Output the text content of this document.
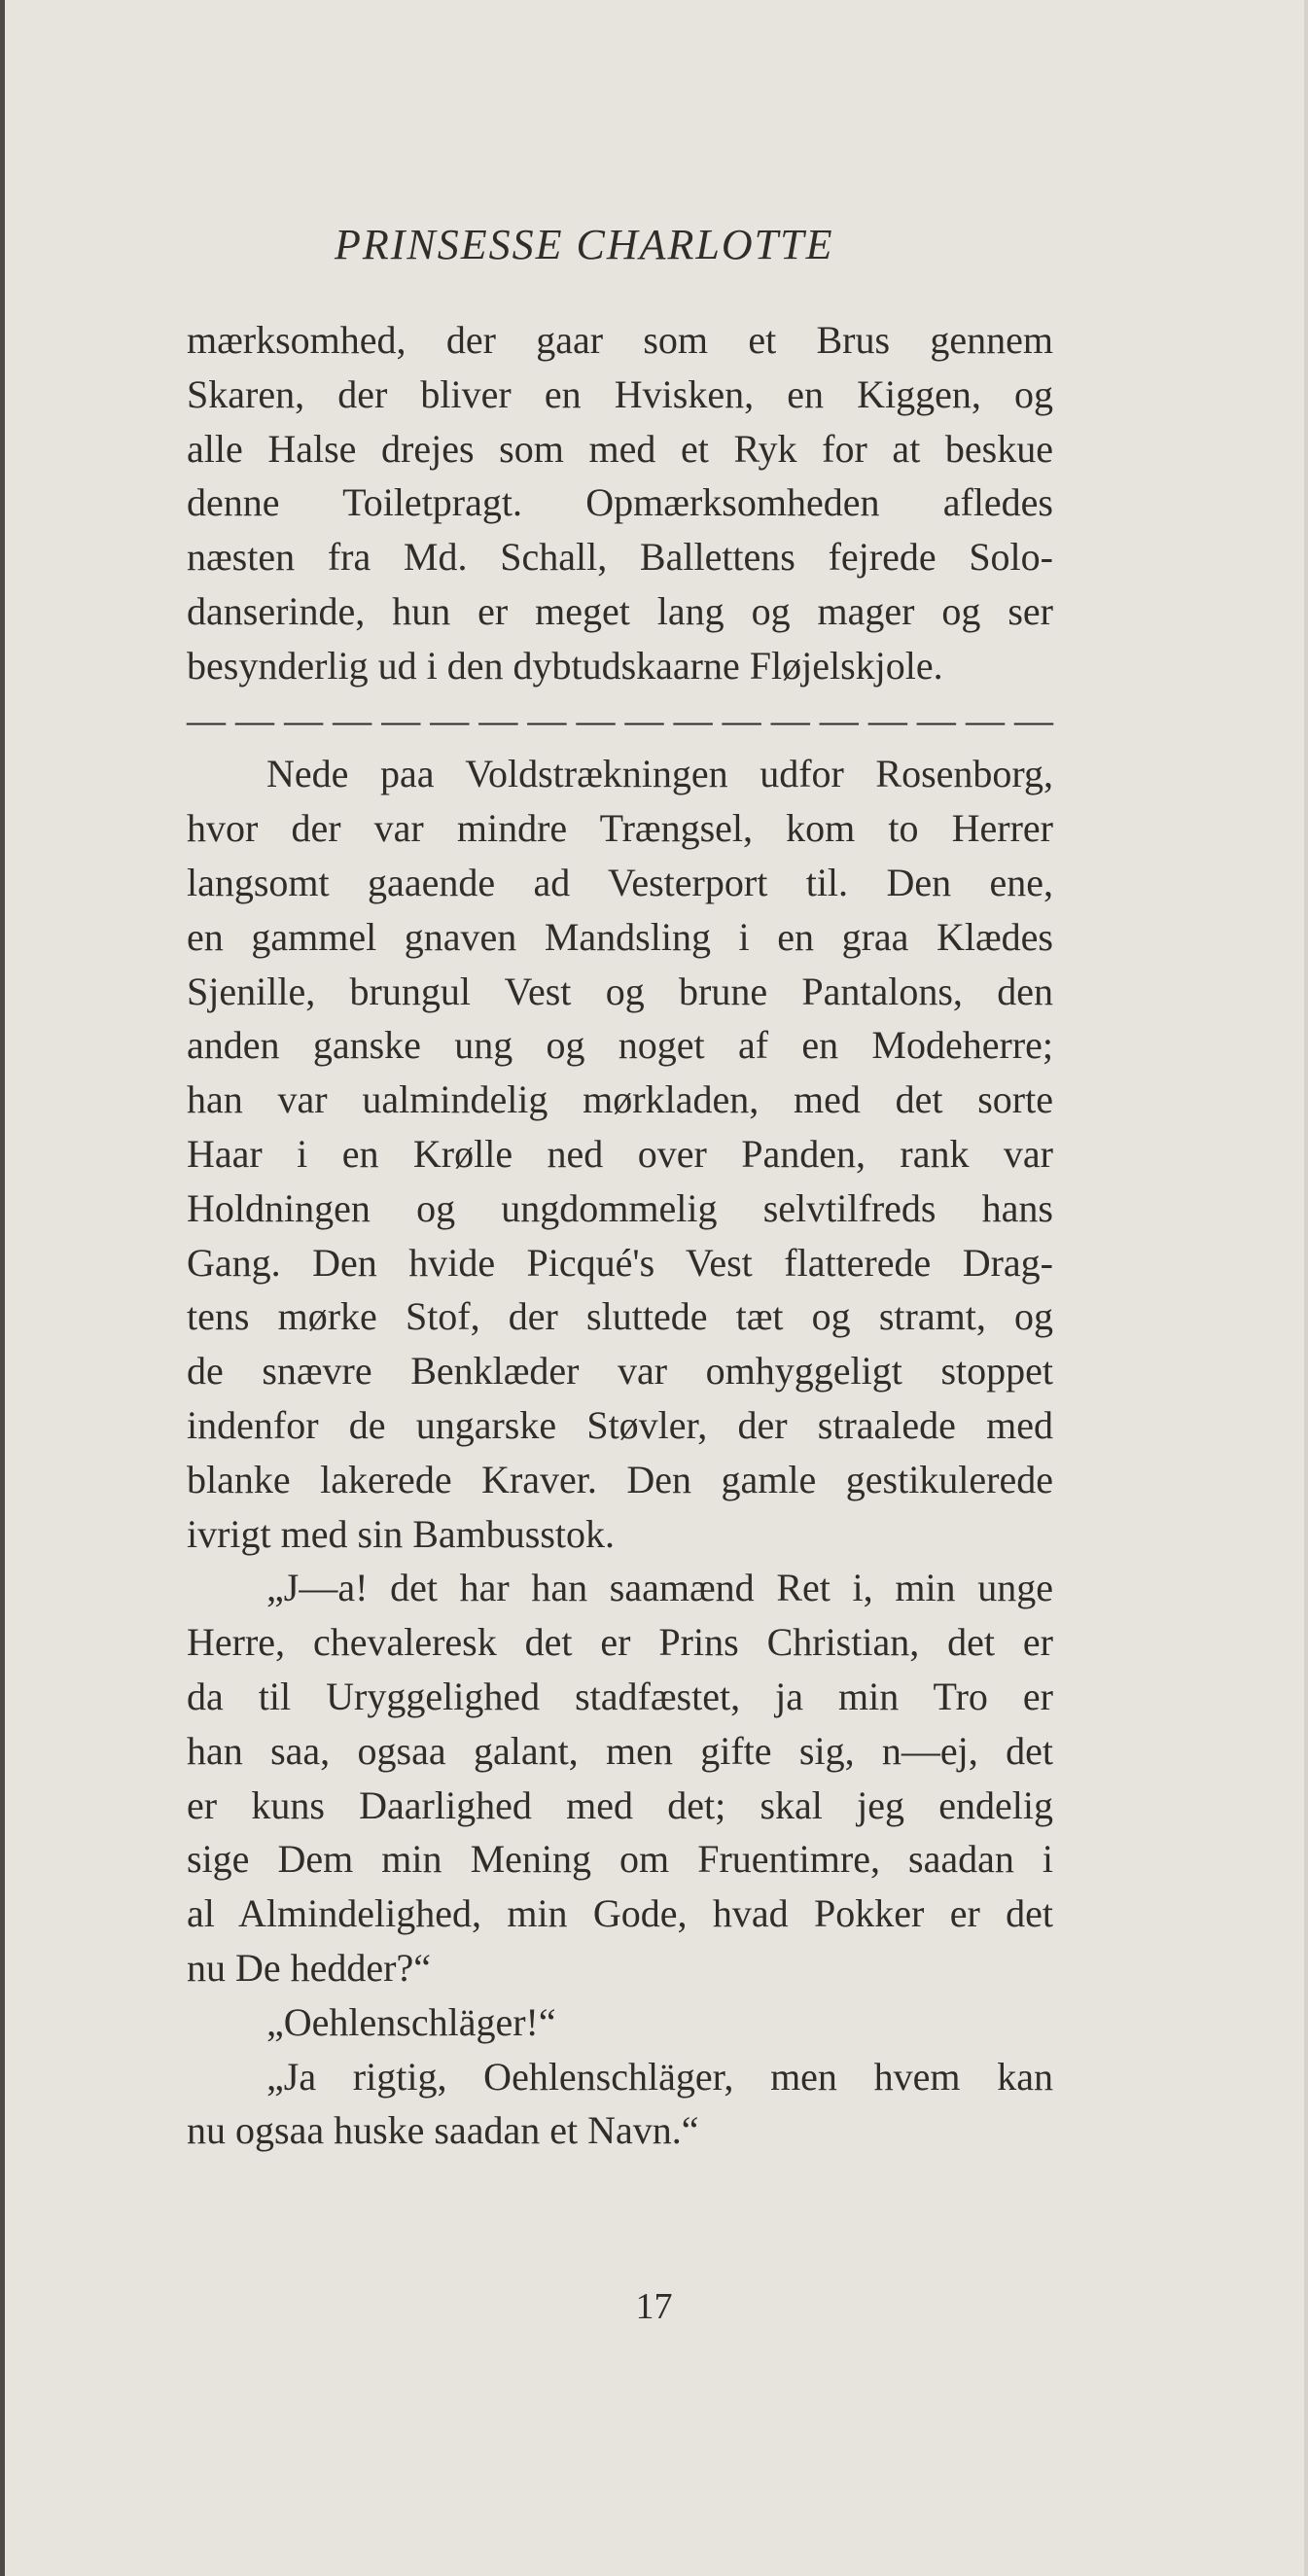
PRINSESSE CHARLOTTE
mærksomhed, der gaar som et Brus gennem
Skaren, der bliver en Hvisken, en Kiggen, og
alle Halse drejes som med et Ryk for at beskue
denne Toiletpragt. Opmærksomheden afledes
næsten fra Md. Schall, Ballettens fejrede Solo-
danserinde, hun er meget lang og mager og ser
besynderlig ud i den dybtudskaarne Fløjelskjole.
— — — — — — — — — — — — — — — — — —
Nede paa Voldstrækningen udfor Rosenborg,
hvor der var mindre Trængsel, kom to Herrer
langsomt gaaende ad Vesterport til. Den ene,
en gammel gnaven Mandsling i en graa Klædes
Sjenille, brungul Vest og brune Pantalons, den
anden ganske ung og noget af en Modeherre;
han var ualmindelig mørkladen, med det sorte
Haar i en Krølle ned over Panden, rank var
Holdningen og ungdommelig selvtilfreds hans
Gang. Den hvide Picqué's Vest flatterede Drag-
tens mørke Stof, der sluttede tæt og stramt, og
de snævre Benklæder var omhyggeligt stoppet
indenfor de ungarske Støvler, der straalede med
blanke lakerede Kraver. Den gamle gestikulerede
ivrigt med sin Bambusstok.
„J—a! det har han saamænd Ret i, min unge
Herre, chevaleresk det er Prins Christian, det er
da til Uryggelighed stadfæstet, ja min Tro er
han saa, ogsaa galant, men gifte sig, n—ej, det
er kuns Daarlighed med det; skal jeg endelig
sige Dem min Mening om Fruentimre, saadan i
al Almindelighed, min Gode, hvad Pokker er det
nu De hedder?“
„Oehlenschläger!“
„Ja rigtig, Oehlenschläger, men hvem kan
nu ogsaa huske saadan et Navn.“
17
